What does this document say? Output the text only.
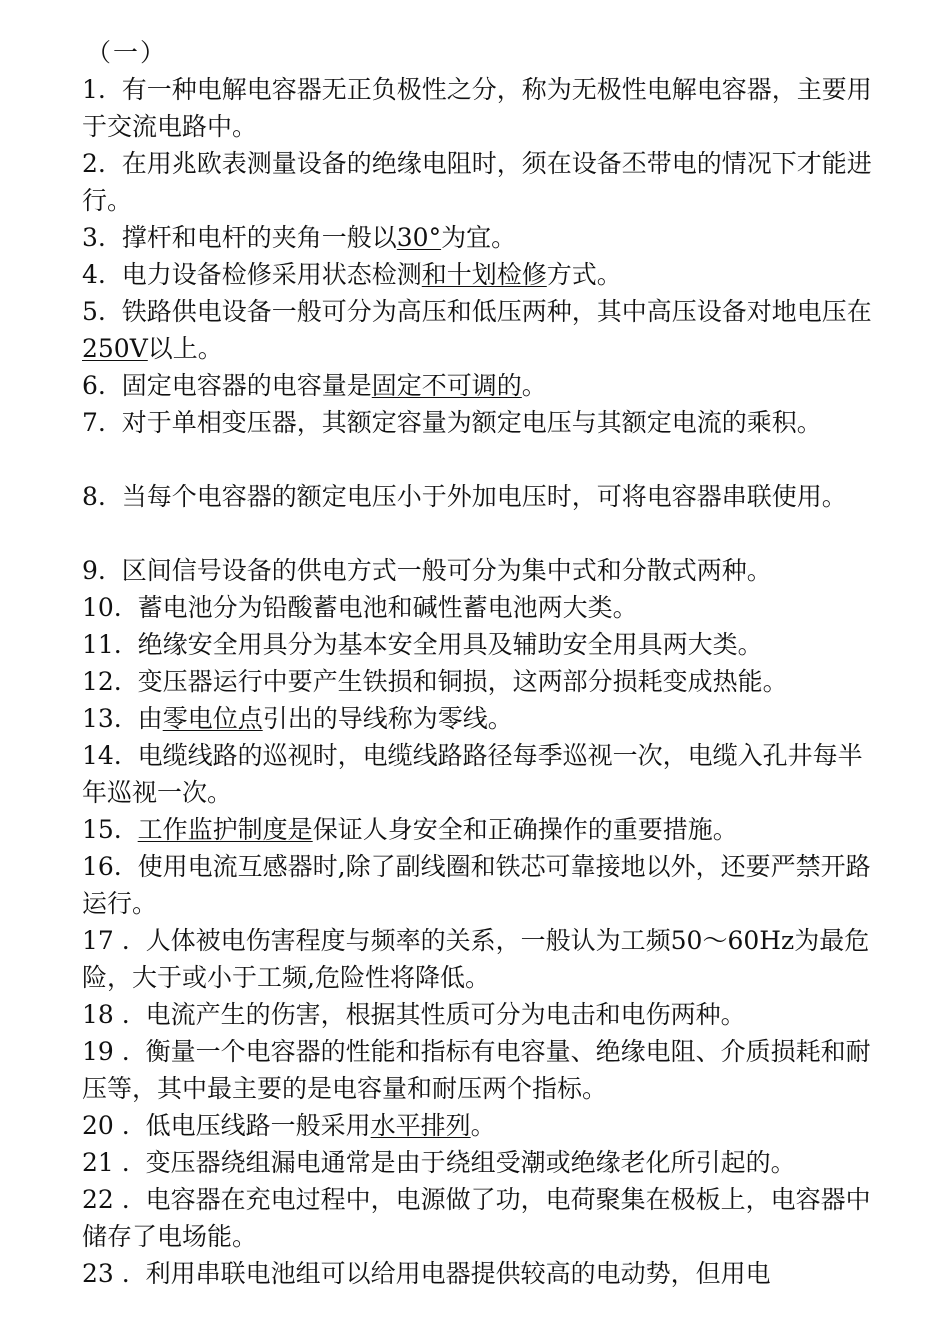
（一）

1. 有一种电解电容器无正负极性之分，称为无极性电解电容器，主要用于交流电路中。

2. 在用兆欧表测量设备的绝缘电阻时，须在设备丕带电的情况下才能进行。

3. 撑杆和电杆的夹角一般以30°为宜。

4. 电力设备检修采用状态检测和十划检修方式。

5. 铁路供电设备一般可分为高压和低压两种，其中高压设备对地电压在250V以上。

6. 固定电容器的电容量是固定不可调的。

7. 对于单相变压器，其额定容量为额定电压与其额定电流的乘积。

8. 当每个电容器的额定电压小于外加电压时，可将电容器串联使用。

9. 区间信号设备的供电方式一般可分为集中式和分散式两种。

10. 蓄电池分为铅酸蓄电池和碱性蓄电池两大类。

11. 绝缘安全用具分为基本安全用具及辅助安全用具两大类。

12. 变压器运行中要产生铁损和铜损，这两部分损耗变成热能。

13. 由零电位点引出的导线称为零线。

14. 电缆线路的巡视时，电缆线路路径每季巡视一次，电缆入孔井每半年巡视一次。

15. 工作监护制度是保证人身安全和正确操作的重要措施。

16. 使用电流互感器时,除了副线圈和铁芯可靠接地以外，还要严禁开路运行。

17 . 人体被电伤害程度与频率的关系，一般认为工频50〜60Hz为最危险，大于或小于工频,危险性将降低。

18 . 电流产生的伤害，根据其性质可分为电击和电伤两种。

19 . 衡量一个电容器的性能和指标有电容量、绝缘电阻、介质损耗和耐压等，其中最主要的是电容量和耐压两个指标。

20 . 低电压线路一般采用水平排列。

21 . 变压器绕组漏电通常是由于绕组受潮或绝缘老化所引起的。

22 . 电容器在充电过程中，电源做了功，电荷聚集在极板上，电容器中储存了电场能。

23 . 利用串联电池组可以给用电器提供较高的电动势，但用电
